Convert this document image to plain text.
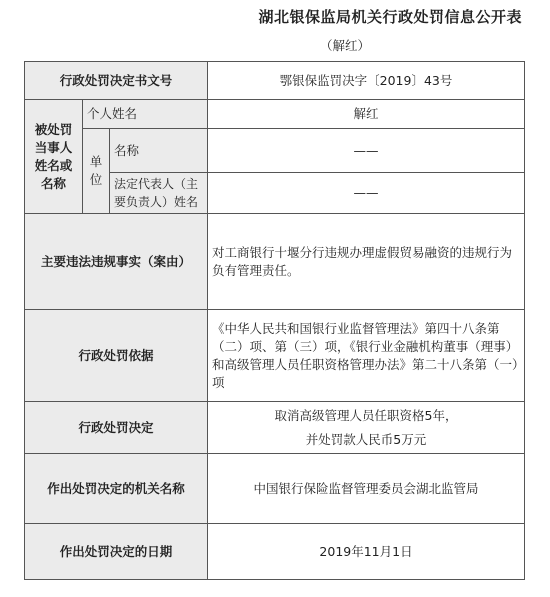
湖北银保监局机关行政处罚信息公开表
（解红）
行政处罚决定书文号			鄂银保监罚决字〔2019〕43号
被处罚当事人姓名或名称	个人姓名		解红
	单位	名称	——
		法定代表人（主要负责人）姓名	——
主要违法违规事实（案由）			对工商银行十堰分行违规办理虚假贸易融资的违规行为负有管理责任。
行政处罚依据			《中华人民共和国银行业监督管理法》第四十八条第（二）项、第（三）项，《银行业金融机构董事（理事）和高级管理人员任职资格管理办法》第二十八条第（一）项
行政处罚决定			取消高级管理人员任职资格5年，
并处罚款人民币5万元

作出处罚决定的机关名称			中国银行保险监督管理委员会湖北监管局
作出处罚决定的日期			2019年11月1日
